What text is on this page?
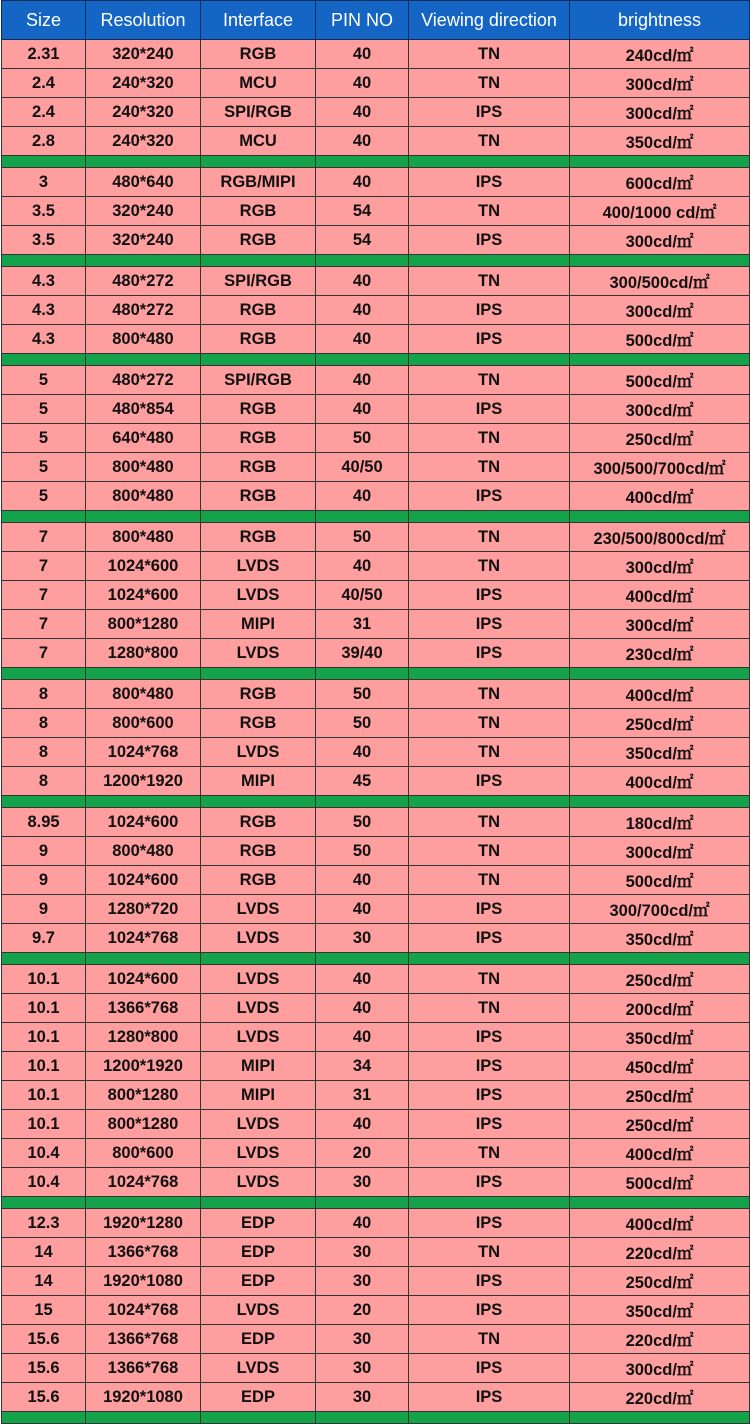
Size	Resolution	Interface	PIN NO	Viewing direction	brightness
2.31	320*240	RGB	40	TN	240cd/㎡
2.4	240*320	MCU	40	TN	300cd/㎡
2.4	240*320	SPI/RGB	40	IPS	300cd/㎡
2.8	240*320	MCU	40	TN	350cd/㎡

3	480*640	RGB/MIPI	40	IPS	600cd/㎡
3.5	320*240	RGB	54	TN	400/1000 cd/㎡
3.5	320*240	RGB	54	IPS	300cd/㎡

4.3	480*272	SPI/RGB	40	TN	300/500cd/㎡
4.3	480*272	RGB	40	IPS	300cd/㎡
4.3	800*480	RGB	40	IPS	500cd/㎡

5	480*272	SPI/RGB	40	TN	500cd/㎡
5	480*854	RGB	40	IPS	300cd/㎡
5	640*480	RGB	50	TN	250cd/㎡
5	800*480	RGB	40/50	TN	300/500/700cd/㎡
5	800*480	RGB	40	IPS	400cd/㎡

7	800*480	RGB	50	TN	230/500/800cd/㎡
7	1024*600	LVDS	40	TN	300cd/㎡
7	1024*600	LVDS	40/50	IPS	400cd/㎡
7	800*1280	MIPI	31	IPS	300cd/㎡
7	1280*800	LVDS	39/40	IPS	230cd/㎡

8	800*480	RGB	50	TN	400cd/㎡
8	800*600	RGB	50	TN	250cd/㎡
8	1024*768	LVDS	40	TN	350cd/㎡
8	1200*1920	MIPI	45	IPS	400cd/㎡

8.95	1024*600	RGB	50	TN	180cd/㎡
9	800*480	RGB	50	TN	300cd/㎡
9	1024*600	RGB	40	TN	500cd/㎡
9	1280*720	LVDS	40	IPS	300/700cd/㎡
9.7	1024*768	LVDS	30	IPS	350cd/㎡

10.1	1024*600	LVDS	40	TN	250cd/㎡
10.1	1366*768	LVDS	40	TN	200cd/㎡
10.1	1280*800	LVDS	40	IPS	350cd/㎡
10.1	1200*1920	MIPI	34	IPS	450cd/㎡
10.1	800*1280	MIPI	31	IPS	250cd/㎡
10.1	800*1280	LVDS	40	IPS	250cd/㎡
10.4	800*600	LVDS	20	TN	400cd/㎡
10.4	1024*768	LVDS	30	IPS	500cd/㎡

12.3	1920*1280	EDP	40	IPS	400cd/㎡
14	1366*768	EDP	30	TN	220cd/㎡
14	1920*1080	EDP	30	IPS	250cd/㎡
15	1024*768	LVDS	20	IPS	350cd/㎡
15.6	1366*768	EDP	30	TN	220cd/㎡
15.6	1366*768	LVDS	30	IPS	300cd/㎡
15.6	1920*1080	EDP	30	IPS	220cd/㎡
